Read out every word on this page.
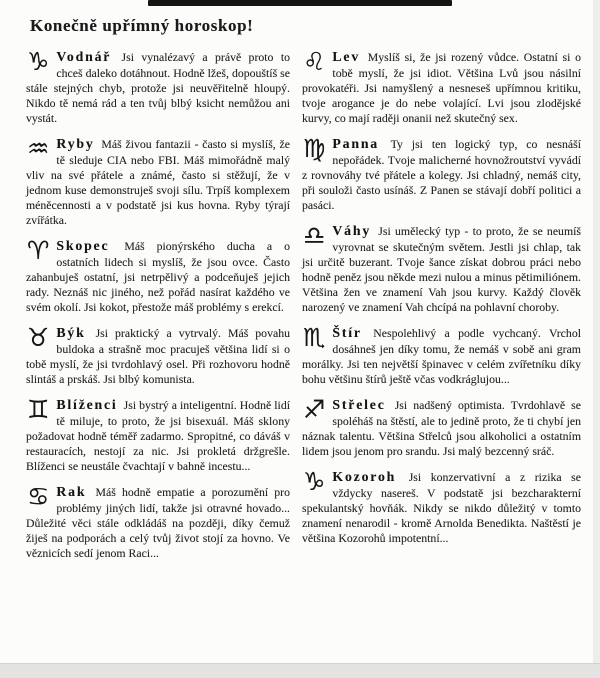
Konečně upřímný horoskop!

♑ Vodnář Jsi vynalézavý a právě proto to chceš daleko dotáhnout. Hodně lžeš, dopouštíš se stále stejných chyb, protože jsi neuvěřitelně hloupý. Nikdo tě nemá rád a ten tvůj blbý ksicht nemůžou ani vystát.

♒ Ryby Máš živou fantazii - často si myslíš, že tě sleduje CIA nebo FBI. Máš mimořádně malý vliv na své přátele a známé, často si stěžují, že v jednom kuse demonstruješ svoji sílu. Trpíš komplexem méněcennosti a v podstatě jsi kus hovna. Ryby týrají zvířátka.

♈ Skopec Máš pionýrského ducha a o ostatních lidech si myslíš, že jsou ovce. Často zahanbuješ ostatní, jsi netrpělivý a podceňuješ jejich rady. Neznáš nic jiného, než pořád nasírat každého ve svém okolí. Jsi kokot, přestože máš problémy s erekcí.

♉ Býk Jsi praktický a vytrvalý. Máš povahu buldoka a strašně moc pracuješ většina lidí si o tobě myslí, že jsi tvrdohlavý osel. Při rozhovoru hodně slintáš a prskáš. Jsi blbý komunista.

♊ Blíženci Jsi bystrý a inteligentní. Hodně lidí tě miluje, to proto, že jsi bisexuál. Máš sklony požadovat hodně téměř zadarmo. Spropitné, co dáváš v restauracích, nestojí za nic. Jsi prokletá držgrešle. Blíženci se neustále čvachtají v bahně incestu...

♋ Rak Máš hodně empatie a porozumění pro problémy jiných lidí, takže jsi otravné hovado... Důležité věci stále odkládáš na později, díky čemuž žiješ na podporách a celý tvůj život stojí za hovno. Ve věznicích sedí jenom Raci...

♌ Lev Myslíš si, že jsi rozený vůdce. Ostatní si o tobě myslí, že jsi idiot. Většina Lvů jsou násilní provokatéři. Jsi namyšlený a nesneseš upřímnou kritiku, tvoje arogance je do nebe volající. Lvi jsou zlodějské kurvy, co mají raději onanii než skutečný sex.

♍ Panna Ty jsi ten logický typ, co nesnáší nepořádek. Tvoje malicherné hovnožroutství vyvádí z rovnováhy tvé přátele a kolegy. Jsi chladný, nemáš city, při souloži často usínáš. Z Panen se stávají dobří politici a pasáci.

♎ Váhy Jsi umělecký typ - to proto, že se neumíš vyrovnat se skutečným světem. Jestli jsi chlap, tak jsi určitě buzerant. Tvoje šance získat dobrou práci nebo hodně peněz jsou někde mezi nulou a minus pětimiliónem. Většina žen ve znamení Vah jsou kurvy. Každý člověk narozený ve znamení Vah chcípá na pohlavní choroby.

♏ Štír Nespolehlivý a podle vychcaný. Vrchol dosáhneš jen díky tomu, že nemáš v sobě ani gram morálky. Jsi ten největší špinavec v celém zvířetníku díky bohu většinu štírů ještě včas vodkráglujou...

♐ Střelec Jsi nadšený optimista. Tvrdohlavě se spoléháš na štěstí, ale to jedině proto, že ti chybí jen náznak talentu. Většina Střelců jsou alkoholici a ostatním lidem jsou jenom pro srandu. Jsi malý bezcenný sráč.

♑ Kozoroh Jsi konzervativní a z rizika se vždycky nasereš. V podstatě jsi bezcharakterní spekulantský hovňák. Nikdy se nikdo důležitý v tomto znamení nenarodil - kromě Arnolda Benedikta. Naštěstí je většina Kozorohů impotentní...
